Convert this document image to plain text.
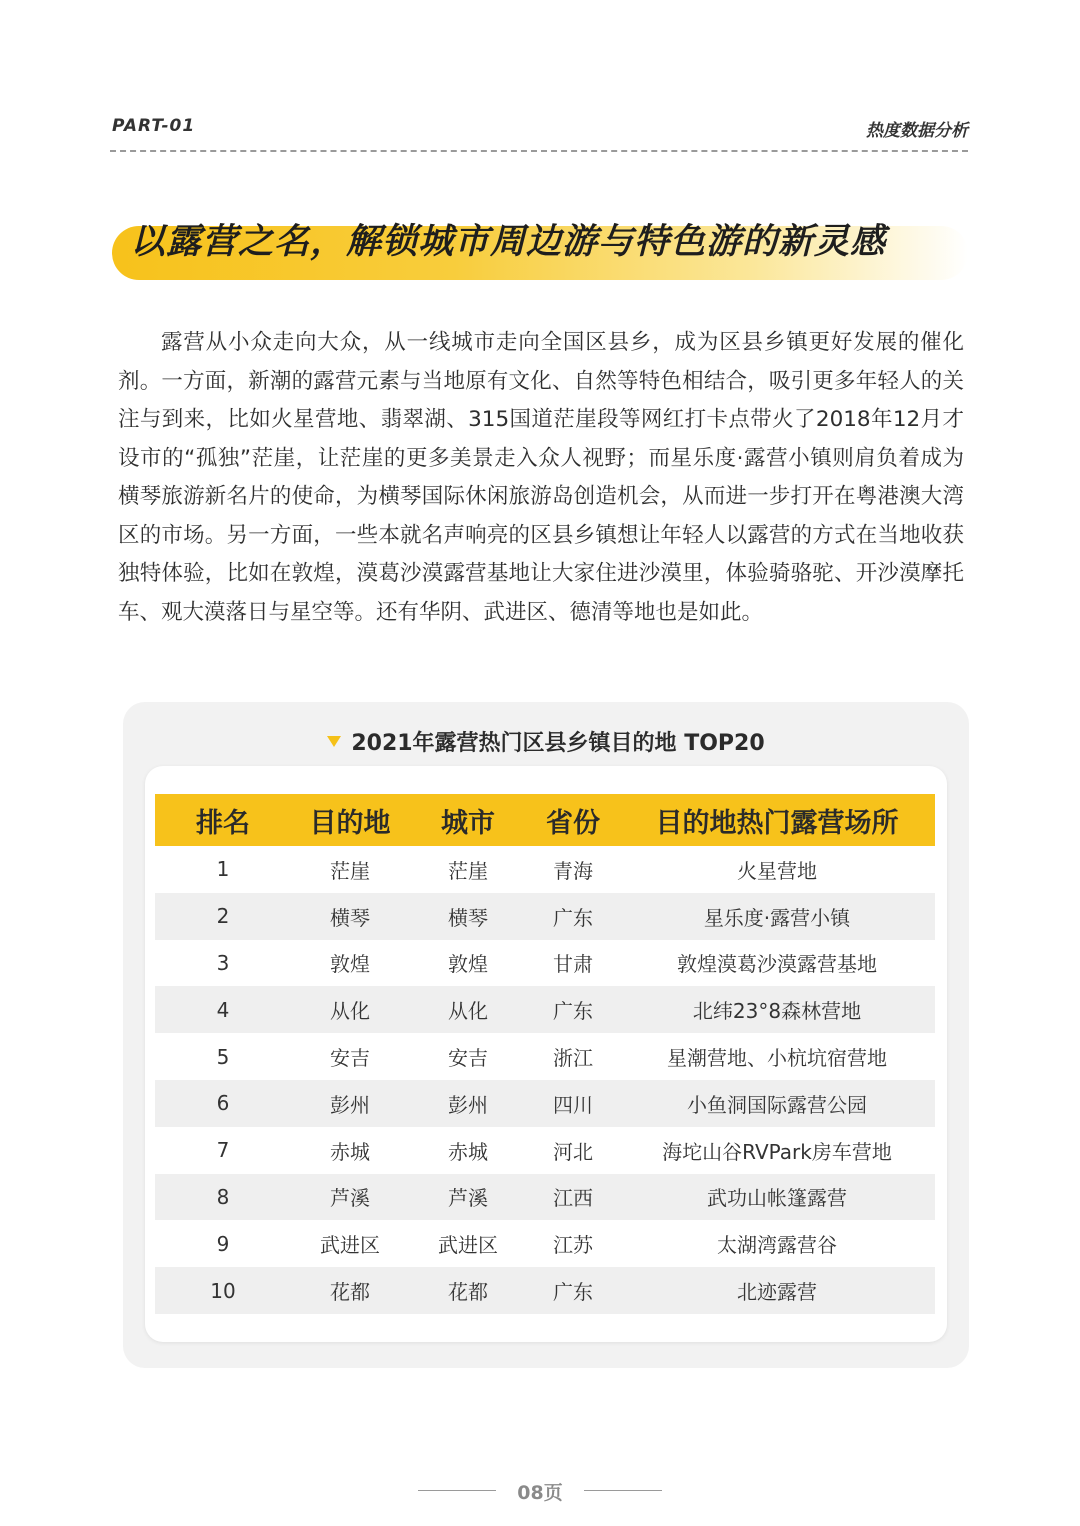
PART-01	热度数据分析
以露营之名，解锁城市周边游与特色游的新灵感

露营从小众走向大众，从一线城市走向全国区县乡，成为区县乡镇更好发展的催化剂。一方面，新潮的露营元素与当地原有文化、自然等特色相结合，吸引更多年轻人的关注与到来，比如火星营地、翡翠湖、315国道茫崖段等网红打卡点带火了2018年12月才设市的“孤独”茫崖，让茫崖的更多美景走入众人视野；而星乐度·露营小镇则肩负着成为横琴旅游新名片的使命，为横琴国际休闲旅游岛创造机会，从而进一步打开在粤港澳大湾区的市场。另一方面，一些本就名声响亮的区县乡镇想让年轻人以露营的方式在当地收获独特体验，比如在敦煌，漠葛沙漠露营基地让大家住进沙漠里，体验骑骆驼、开沙漠摩托车、观大漠落日与星空等。还有华阴、武进区、德清等地也是如此。

2021年露营热门区县乡镇目的地 TOP20
排名	目的地	城市	省份	目的地热门露营场所
1	茫崖	茫崖	青海	火星营地
2	横琴	横琴	广东	星乐度·露营小镇
3	敦煌	敦煌	甘肃	敦煌漠葛沙漠露营基地
4	从化	从化	广东	北纬23°8森林营地
5	安吉	安吉	浙江	星潮营地、小杭坑宿营地
6	彭州	彭州	四川	小鱼洞国际露营公园
7	赤城	赤城	河北	海坨山谷RVPark房车营地
8	芦溪	芦溪	江西	武功山帐篷露营
9	武进区	武进区	江苏	太湖湾露营谷
10	花都	花都	广东	北迹露营
08页
